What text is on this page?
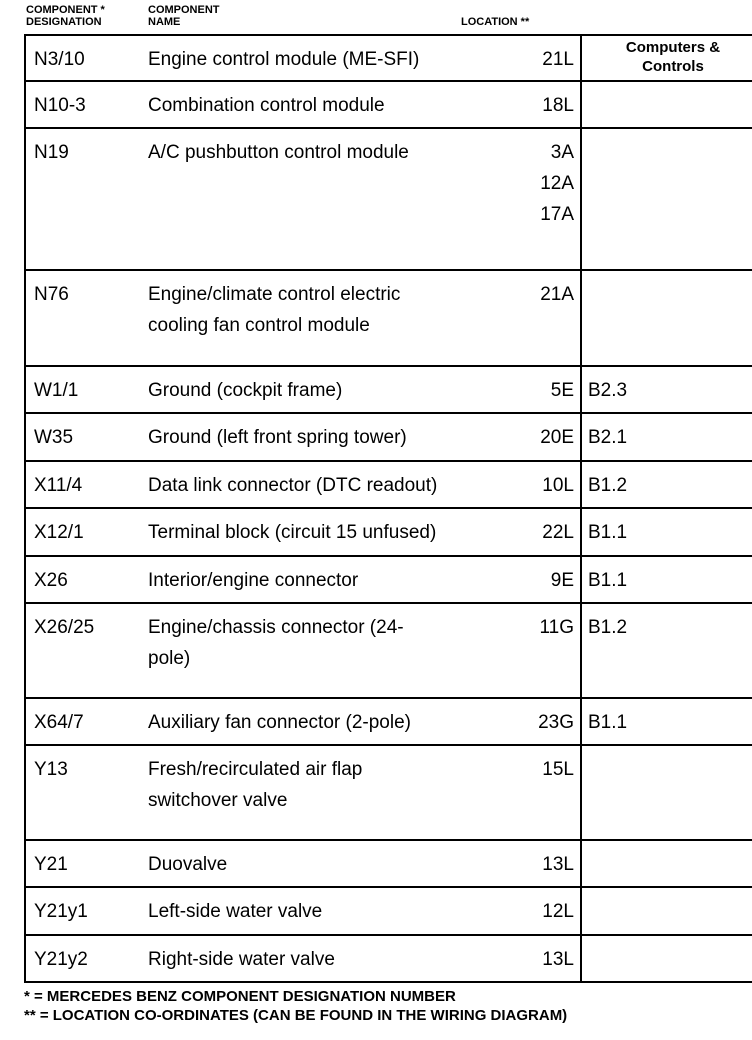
COMPONENT *
DESIGNATION
COMPONENT
NAME	LOCATION **
N3/10	Engine control module (ME-SFI)	21L	Computers &
Controls

N10-3	Combination control module	18L	

N19	A/C pushbutton control module	3A
12A
17A	

N76	Engine/climate control electric
cooling fan control module	21A	

W1/1	Ground (cockpit frame)	5E	B2.3

W35	Ground (left front spring tower)	20E	B2.1

X11/4	Data link connector (DTC readout)	10L	B1.2

X12/1	Terminal block (circuit 15 unfused)	22L	B1.1

X26	Interior/engine connector	9E	B1.1

X26/25	Engine/chassis connector (24-
pole)	11G	B1.2

X64/7	Auxiliary fan connector (2-pole)	23G	B1.1

Y13	Fresh/recirculated air flap
switchover valve	15L	

Y21	Duovalve	13L	

Y21y1	Left-side water valve	12L	

Y21y2	Right-side water valve	13L	

* = MERCEDES BENZ COMPONENT DESIGNATION NUMBER
** = LOCATION CO-ORDINATES (CAN BE FOUND IN THE WIRING DIAGRAM)
